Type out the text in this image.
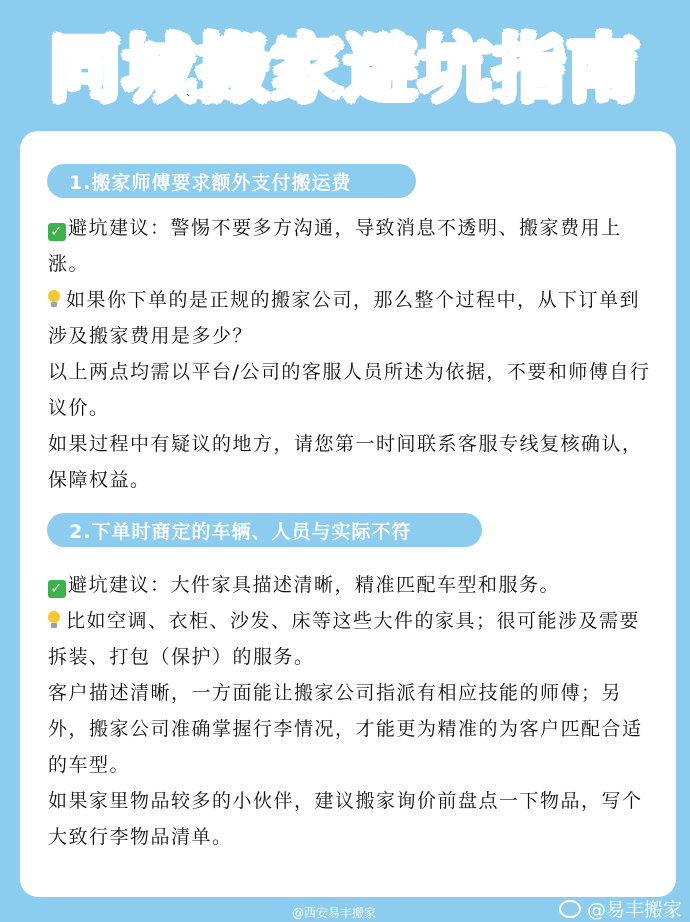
同城搬家避坑指南
1.搬家师傅要求额外支付搬运费
✓ 避坑建议：警惕不要多方沟通，导致消息不透明、搬家费用上涨。
如果你下单的是正规的搬家公司，那么整个过程中，从下订单到涉及搬家费用是多少？
以上两点均需以平台/公司的客服人员所述为依据，不要和师傅自行议价。
如果过程中有疑议的地方，请您第一时间联系客服专线复核确认，保障权益。
2.下单时商定的车辆、人员与实际不符
✓ 避坑建议：大件家具描述清晰，精准匹配车型和服务。
比如空调、衣柜、沙发、床等这些大件的家具；很可能涉及需要拆装、打包（保护）的服务。
客户描述清晰，一方面能让搬家公司指派有相应技能的师傅；另外，搬家公司准确掌握行李情况，才能更为精准的为客户匹配合适的车型。
如果家里物品较多的小伙伴，建议搬家询价前盘点一下物品，写个大致行李物品清单。
@西安易丰搬家	@易丰搬家
